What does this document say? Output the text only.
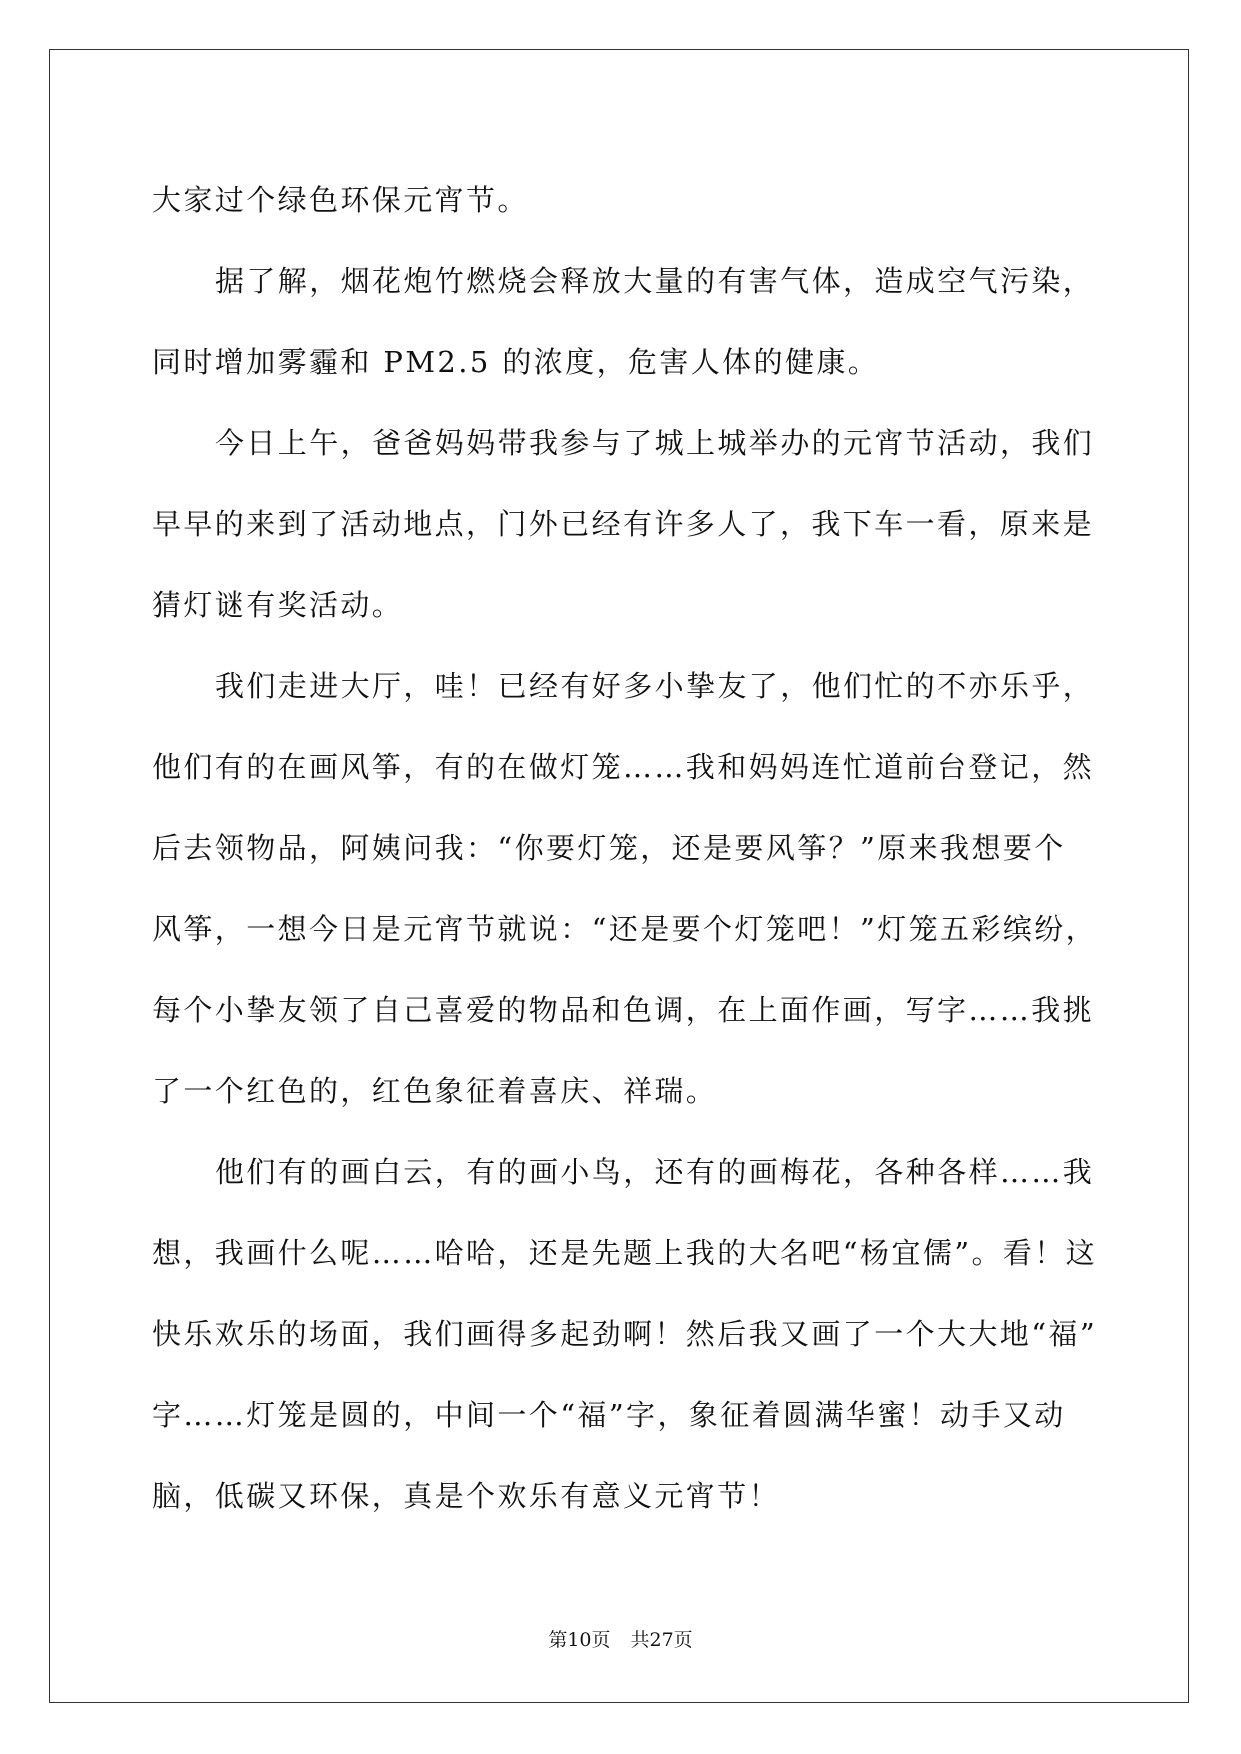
大家过个绿色环保元宵节。
据了解，烟花炮竹燃烧会释放大量的有害气体，造成空气污染，
同时增加雾霾和 PM2.5 的浓度，危害人体的健康。
今日上午，爸爸妈妈带我参与了城上城举办的元宵节活动，我们
早早的来到了活动地点，门外已经有许多人了，我下车一看，原来是
猜灯谜有奖活动。
我们走进大厅，哇！已经有好多小挚友了，他们忙的不亦乐乎，
他们有的在画风筝，有的在做灯笼……我和妈妈连忙道前台登记，然
后去领物品，阿姨问我：“你要灯笼，还是要风筝？”原来我想要个
风筝，一想今日是元宵节就说：“还是要个灯笼吧！”灯笼五彩缤纷，
每个小挚友领了自己喜爱的物品和色调，在上面作画，写字……我挑
了一个红色的，红色象征着喜庆、祥瑞。
他们有的画白云，有的画小鸟，还有的画梅花，各种各样……我
想，我画什么呢……哈哈，还是先题上我的大名吧“杨宜儒”。看！这
快乐欢乐的场面，我们画得多起劲啊！然后我又画了一个大大地“福”
字……灯笼是圆的，中间一个“福”字，象征着圆满华蜜！动手又动
脑，低碳又环保，真是个欢乐有意义元宵节！
第10页 共27页
